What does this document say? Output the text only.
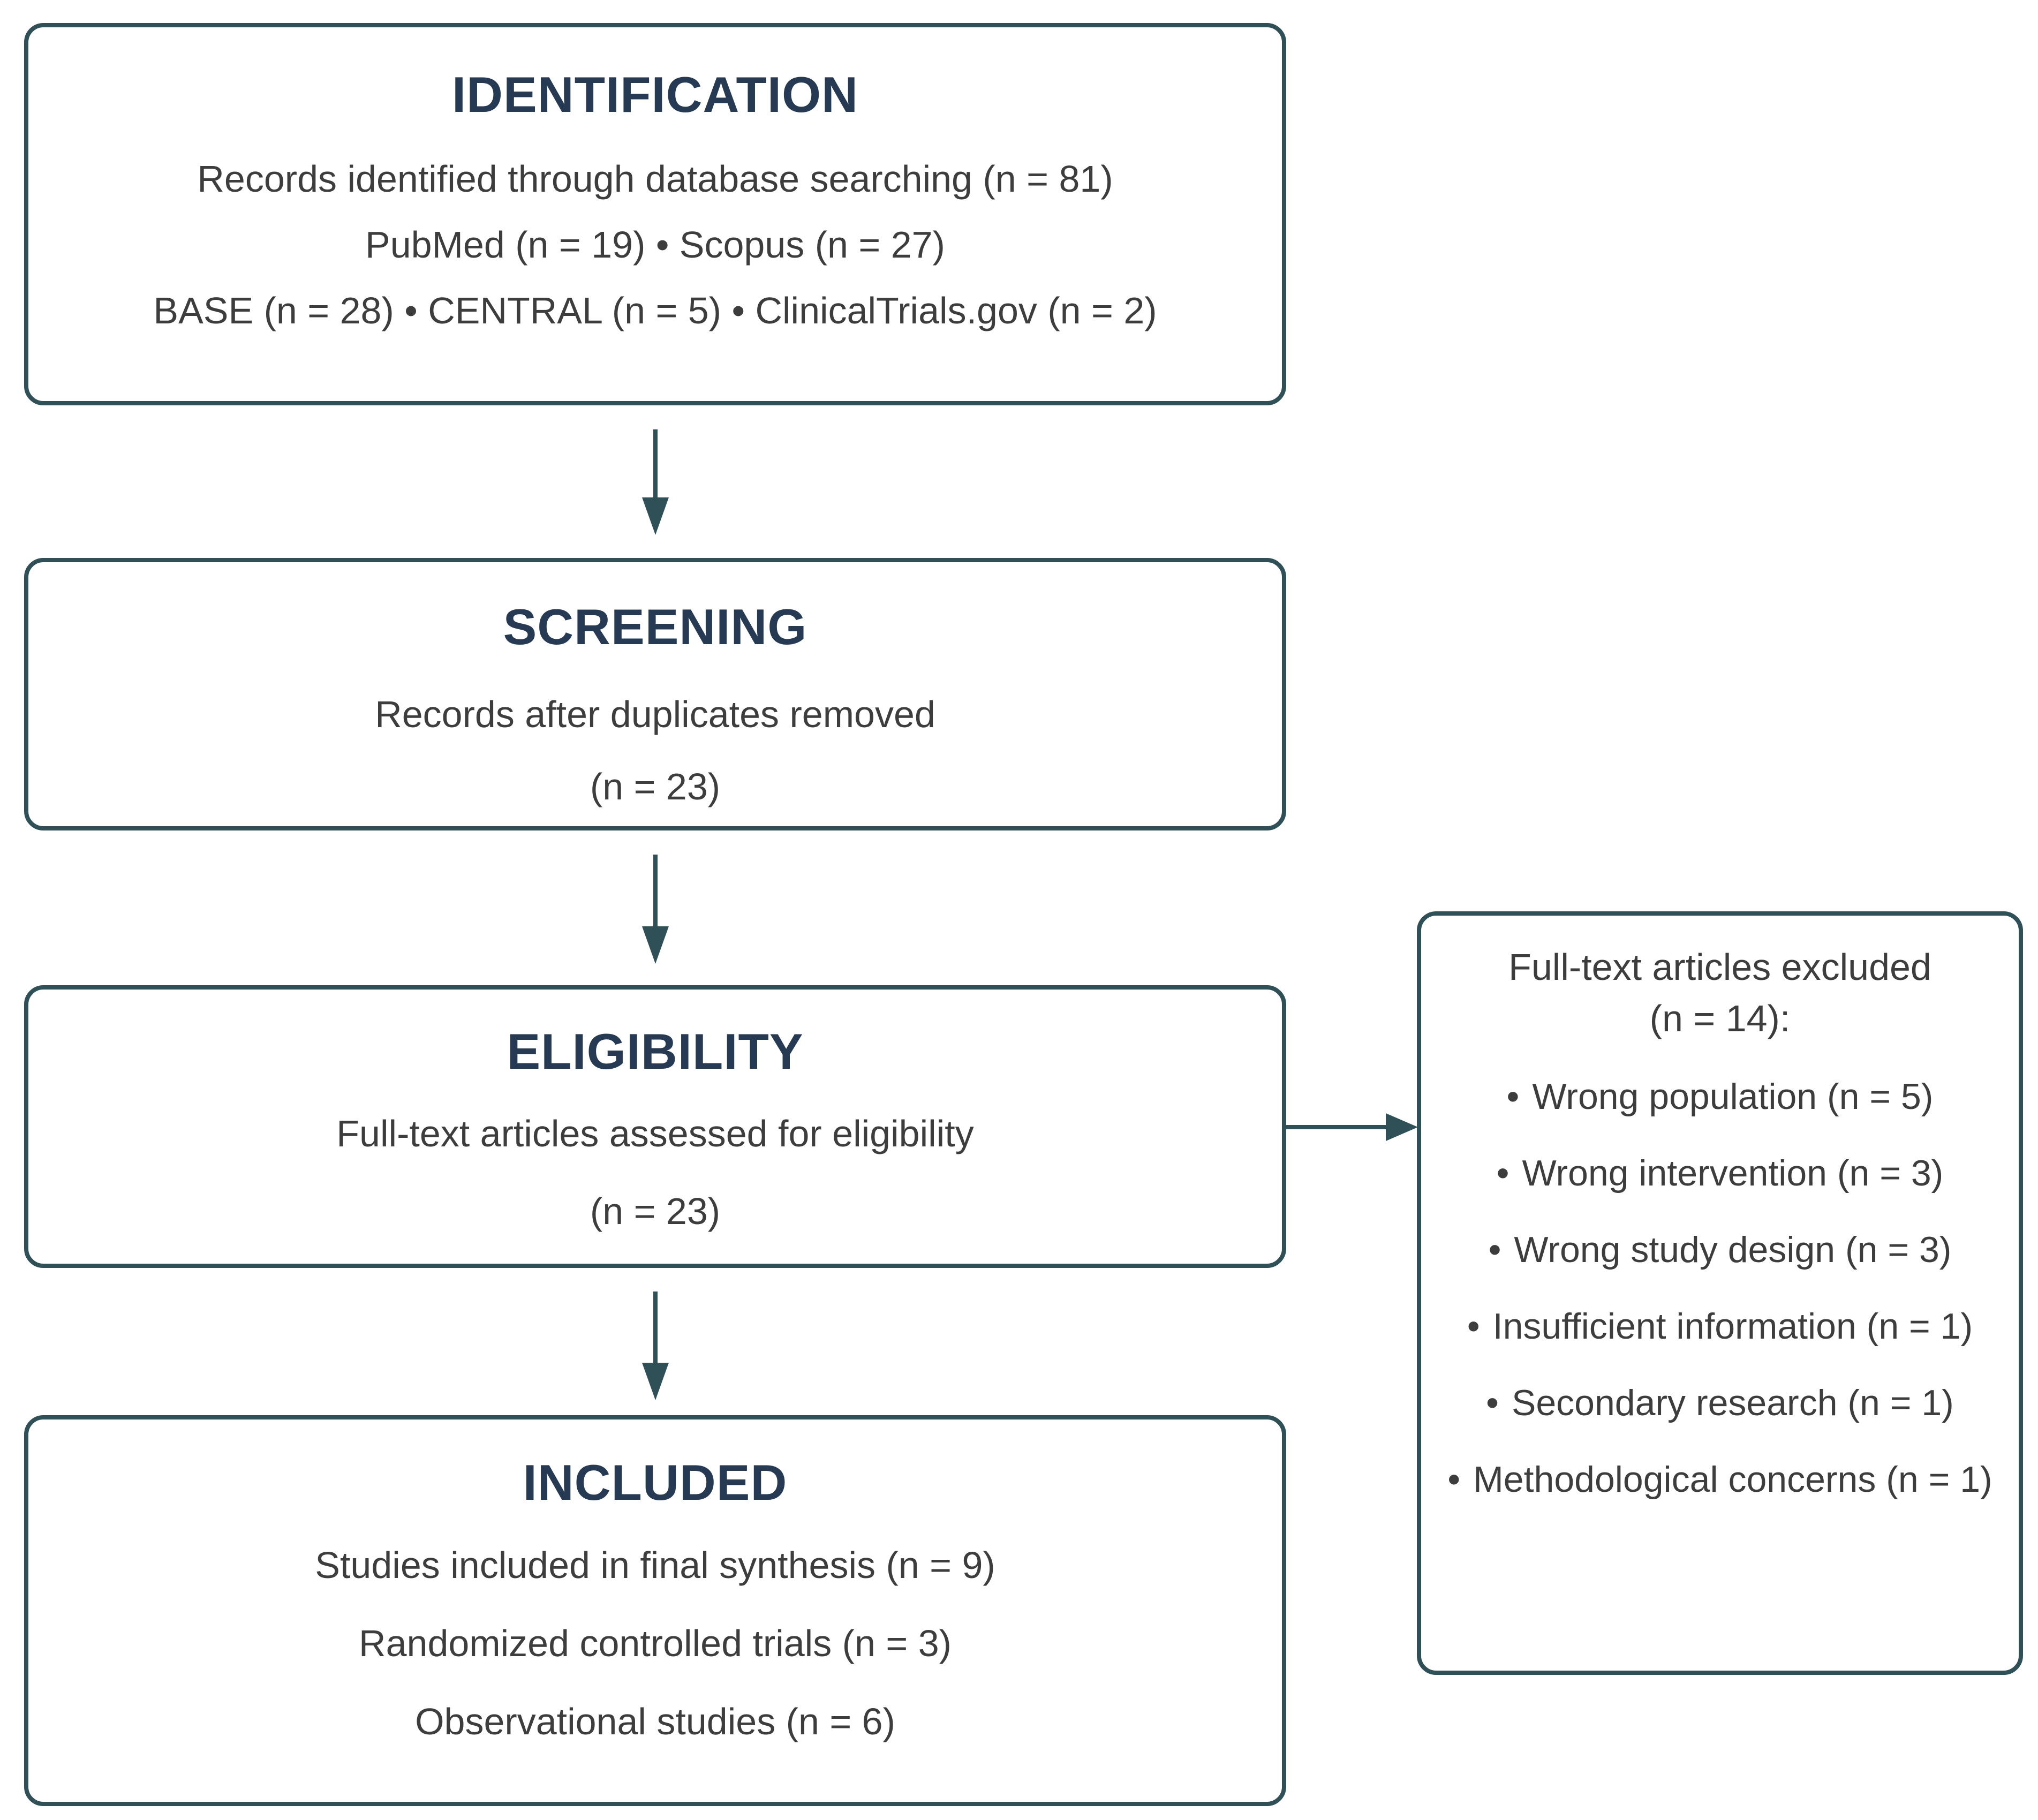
IDENTIFICATION

Records identified through database searching (n = 81)

PubMed (n = 19) • Scopus (n = 27)

BASE (n = 28) • CENTRAL (n = 5) • ClinicalTrials.gov (n = 2)

SCREENING

Records after duplicates removed

(n = 23)

ELIGIBILITY

Full-text articles assessed for eligibility

(n = 23)

INCLUDED

Studies included in final synthesis (n = 9)

Randomized controlled trials (n = 3)

Observational studies (n = 6)

Full-text articles excluded

(n = 14):

• Wrong population (n = 5)

• Wrong intervention (n = 3)

• Wrong study design (n = 3)

• Insufficient information (n = 1)

• Secondary research (n = 1)

• Methodological concerns (n = 1)
